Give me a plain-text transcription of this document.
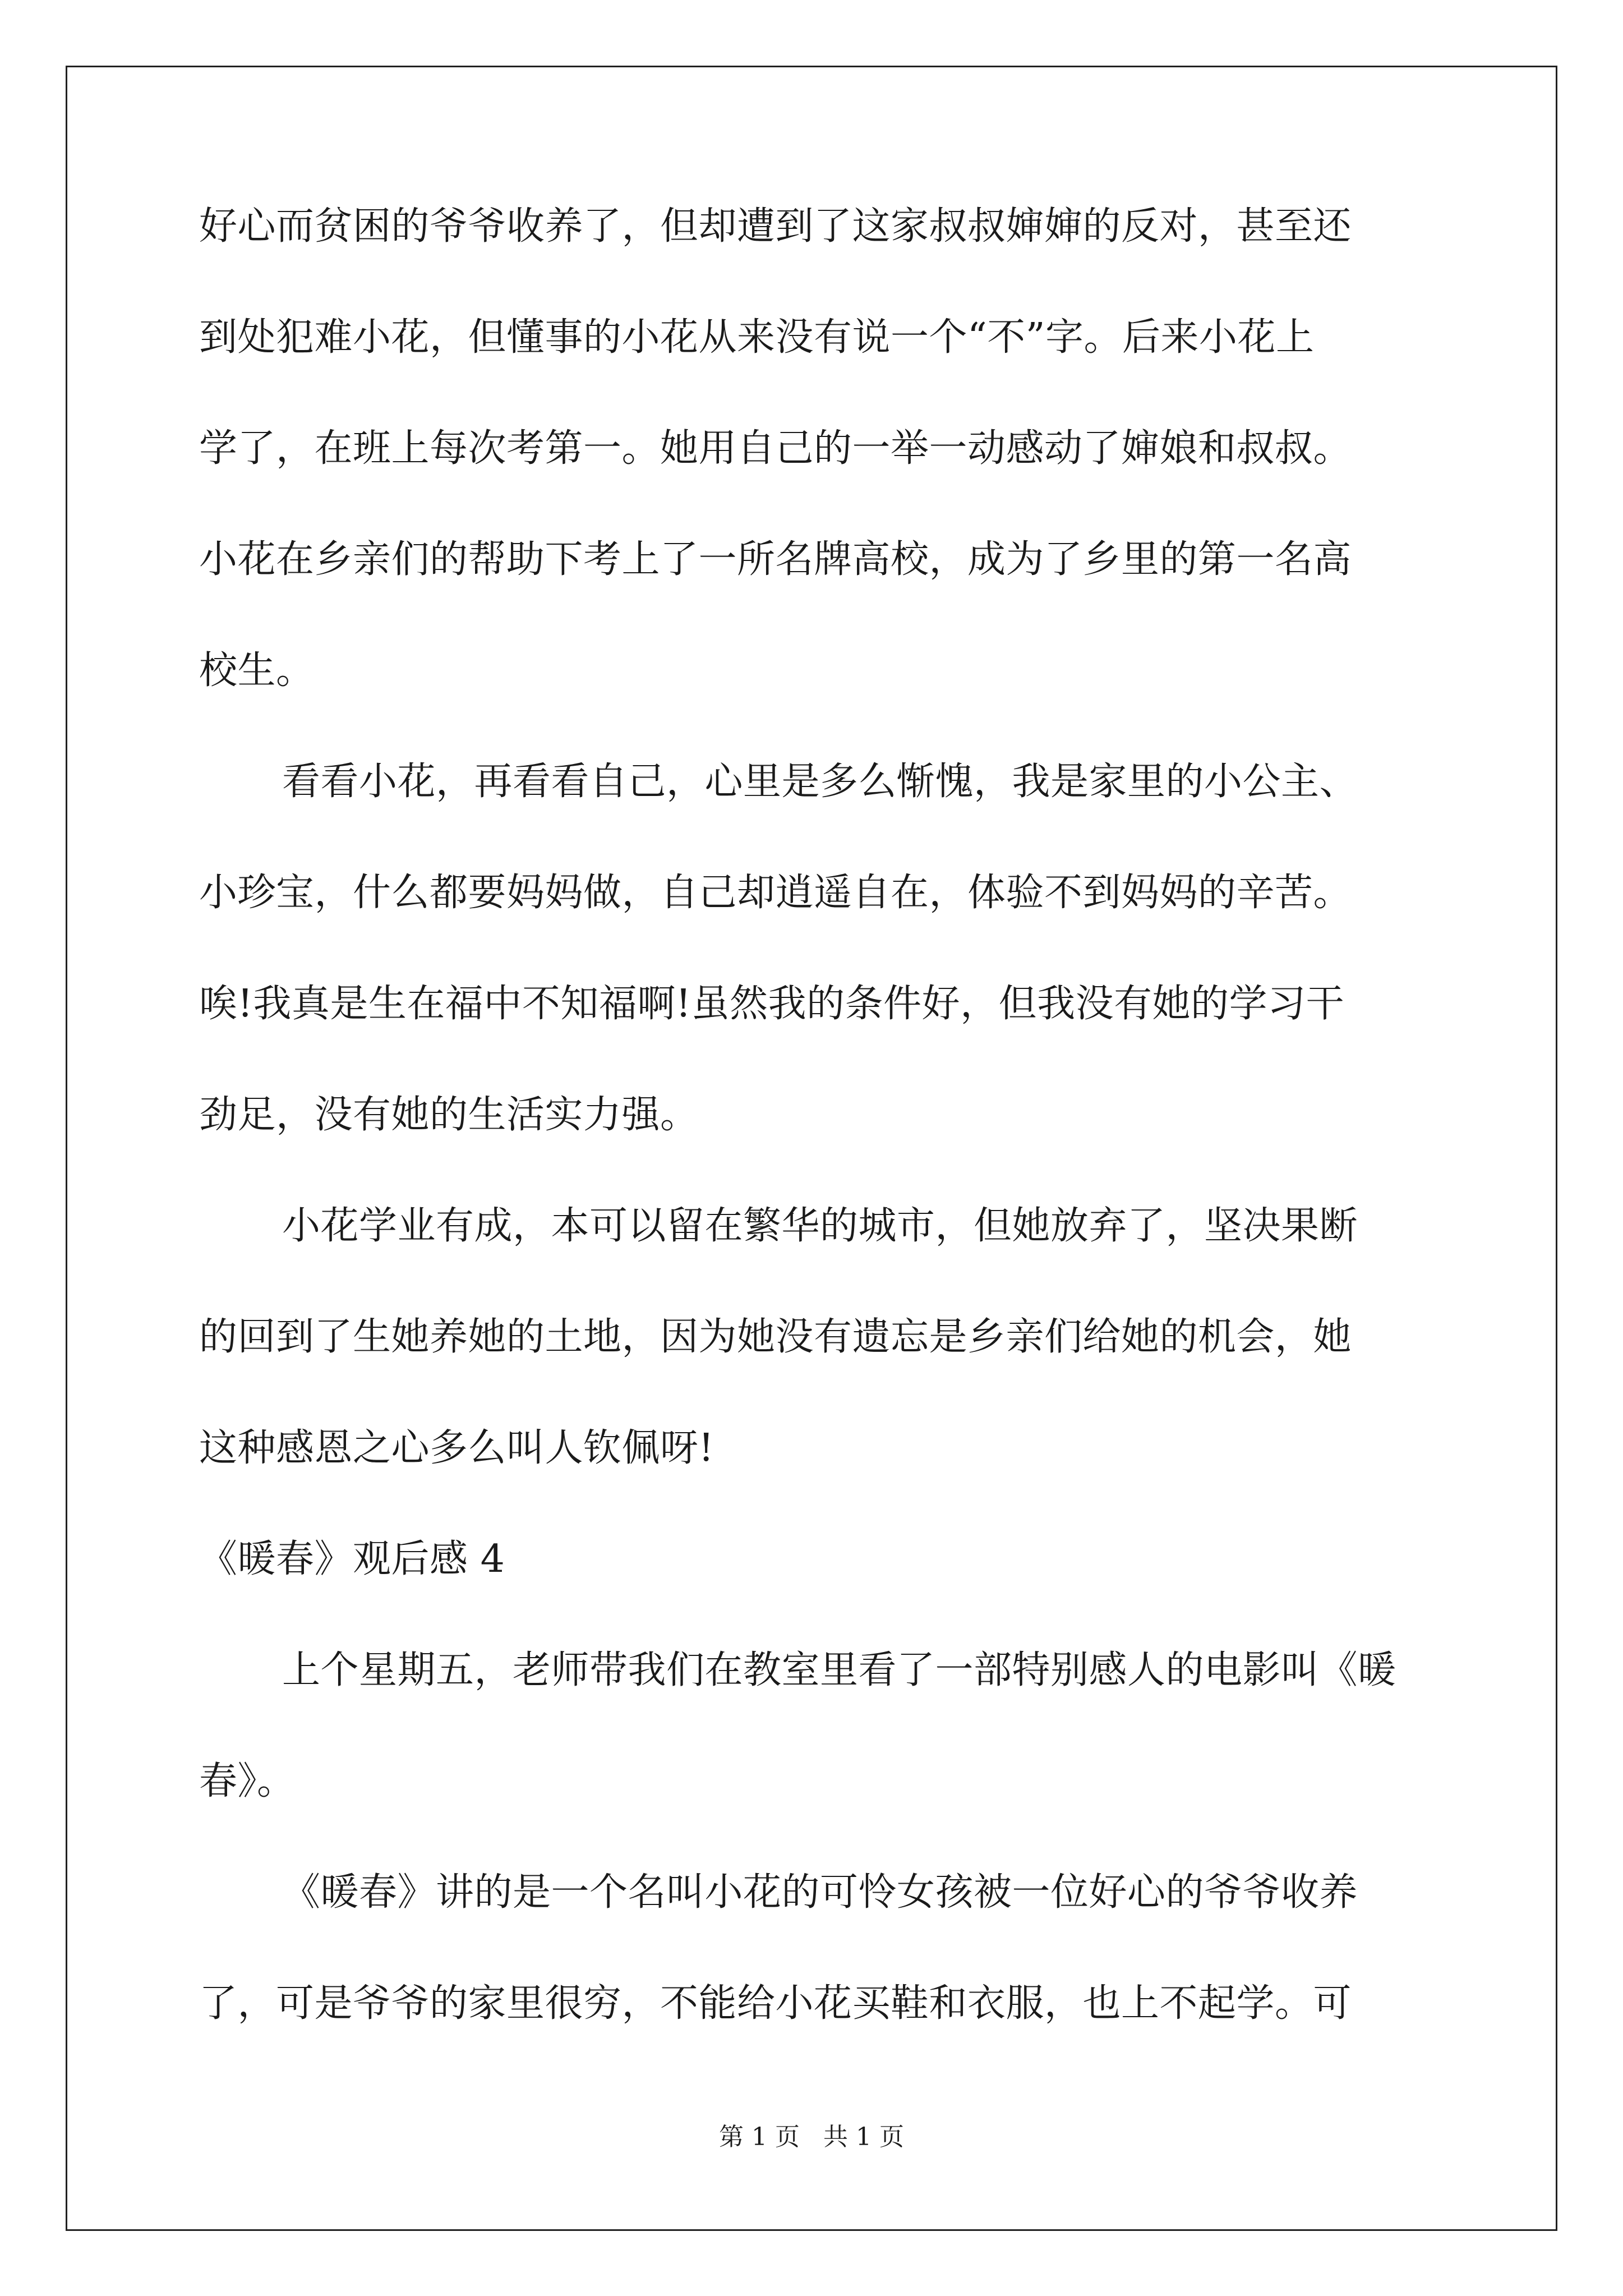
好心而贫困的爷爷收养了，但却遭到了这家叔叔婶婶的反对，甚至还
到处犯难小花，但懂事的小花从来没有说一个“不”字。后来小花上
学了，在班上每次考第一。她用自己的一举一动感动了婶娘和叔叔。
小花在乡亲们的帮助下考上了一所名牌高校，成为了乡里的第一名高
校生。
看看小花，再看看自己，心里是多么惭愧，我是家里的小公主、
小珍宝，什么都要妈妈做，自己却逍遥自在，体验不到妈妈的辛苦。
唉!我真是生在福中不知福啊!虽然我的条件好，但我没有她的学习干
劲足，没有她的生活实力强。
小花学业有成，本可以留在繁华的城市，但她放弃了，坚决果断
的回到了生她养她的土地，因为她没有遗忘是乡亲们给她的机会，她
这种感恩之心多么叫人钦佩呀!
《暖春》观后感 4
上个星期五，老师带我们在教室里看了一部特别感人的电影叫《暖
春》。
《暖春》讲的是一个名叫小花的可怜女孩被一位好心的爷爷收养
了，可是爷爷的家里很穷，不能给小花买鞋和衣服，也上不起学。可
第 1 页 共 1 页
